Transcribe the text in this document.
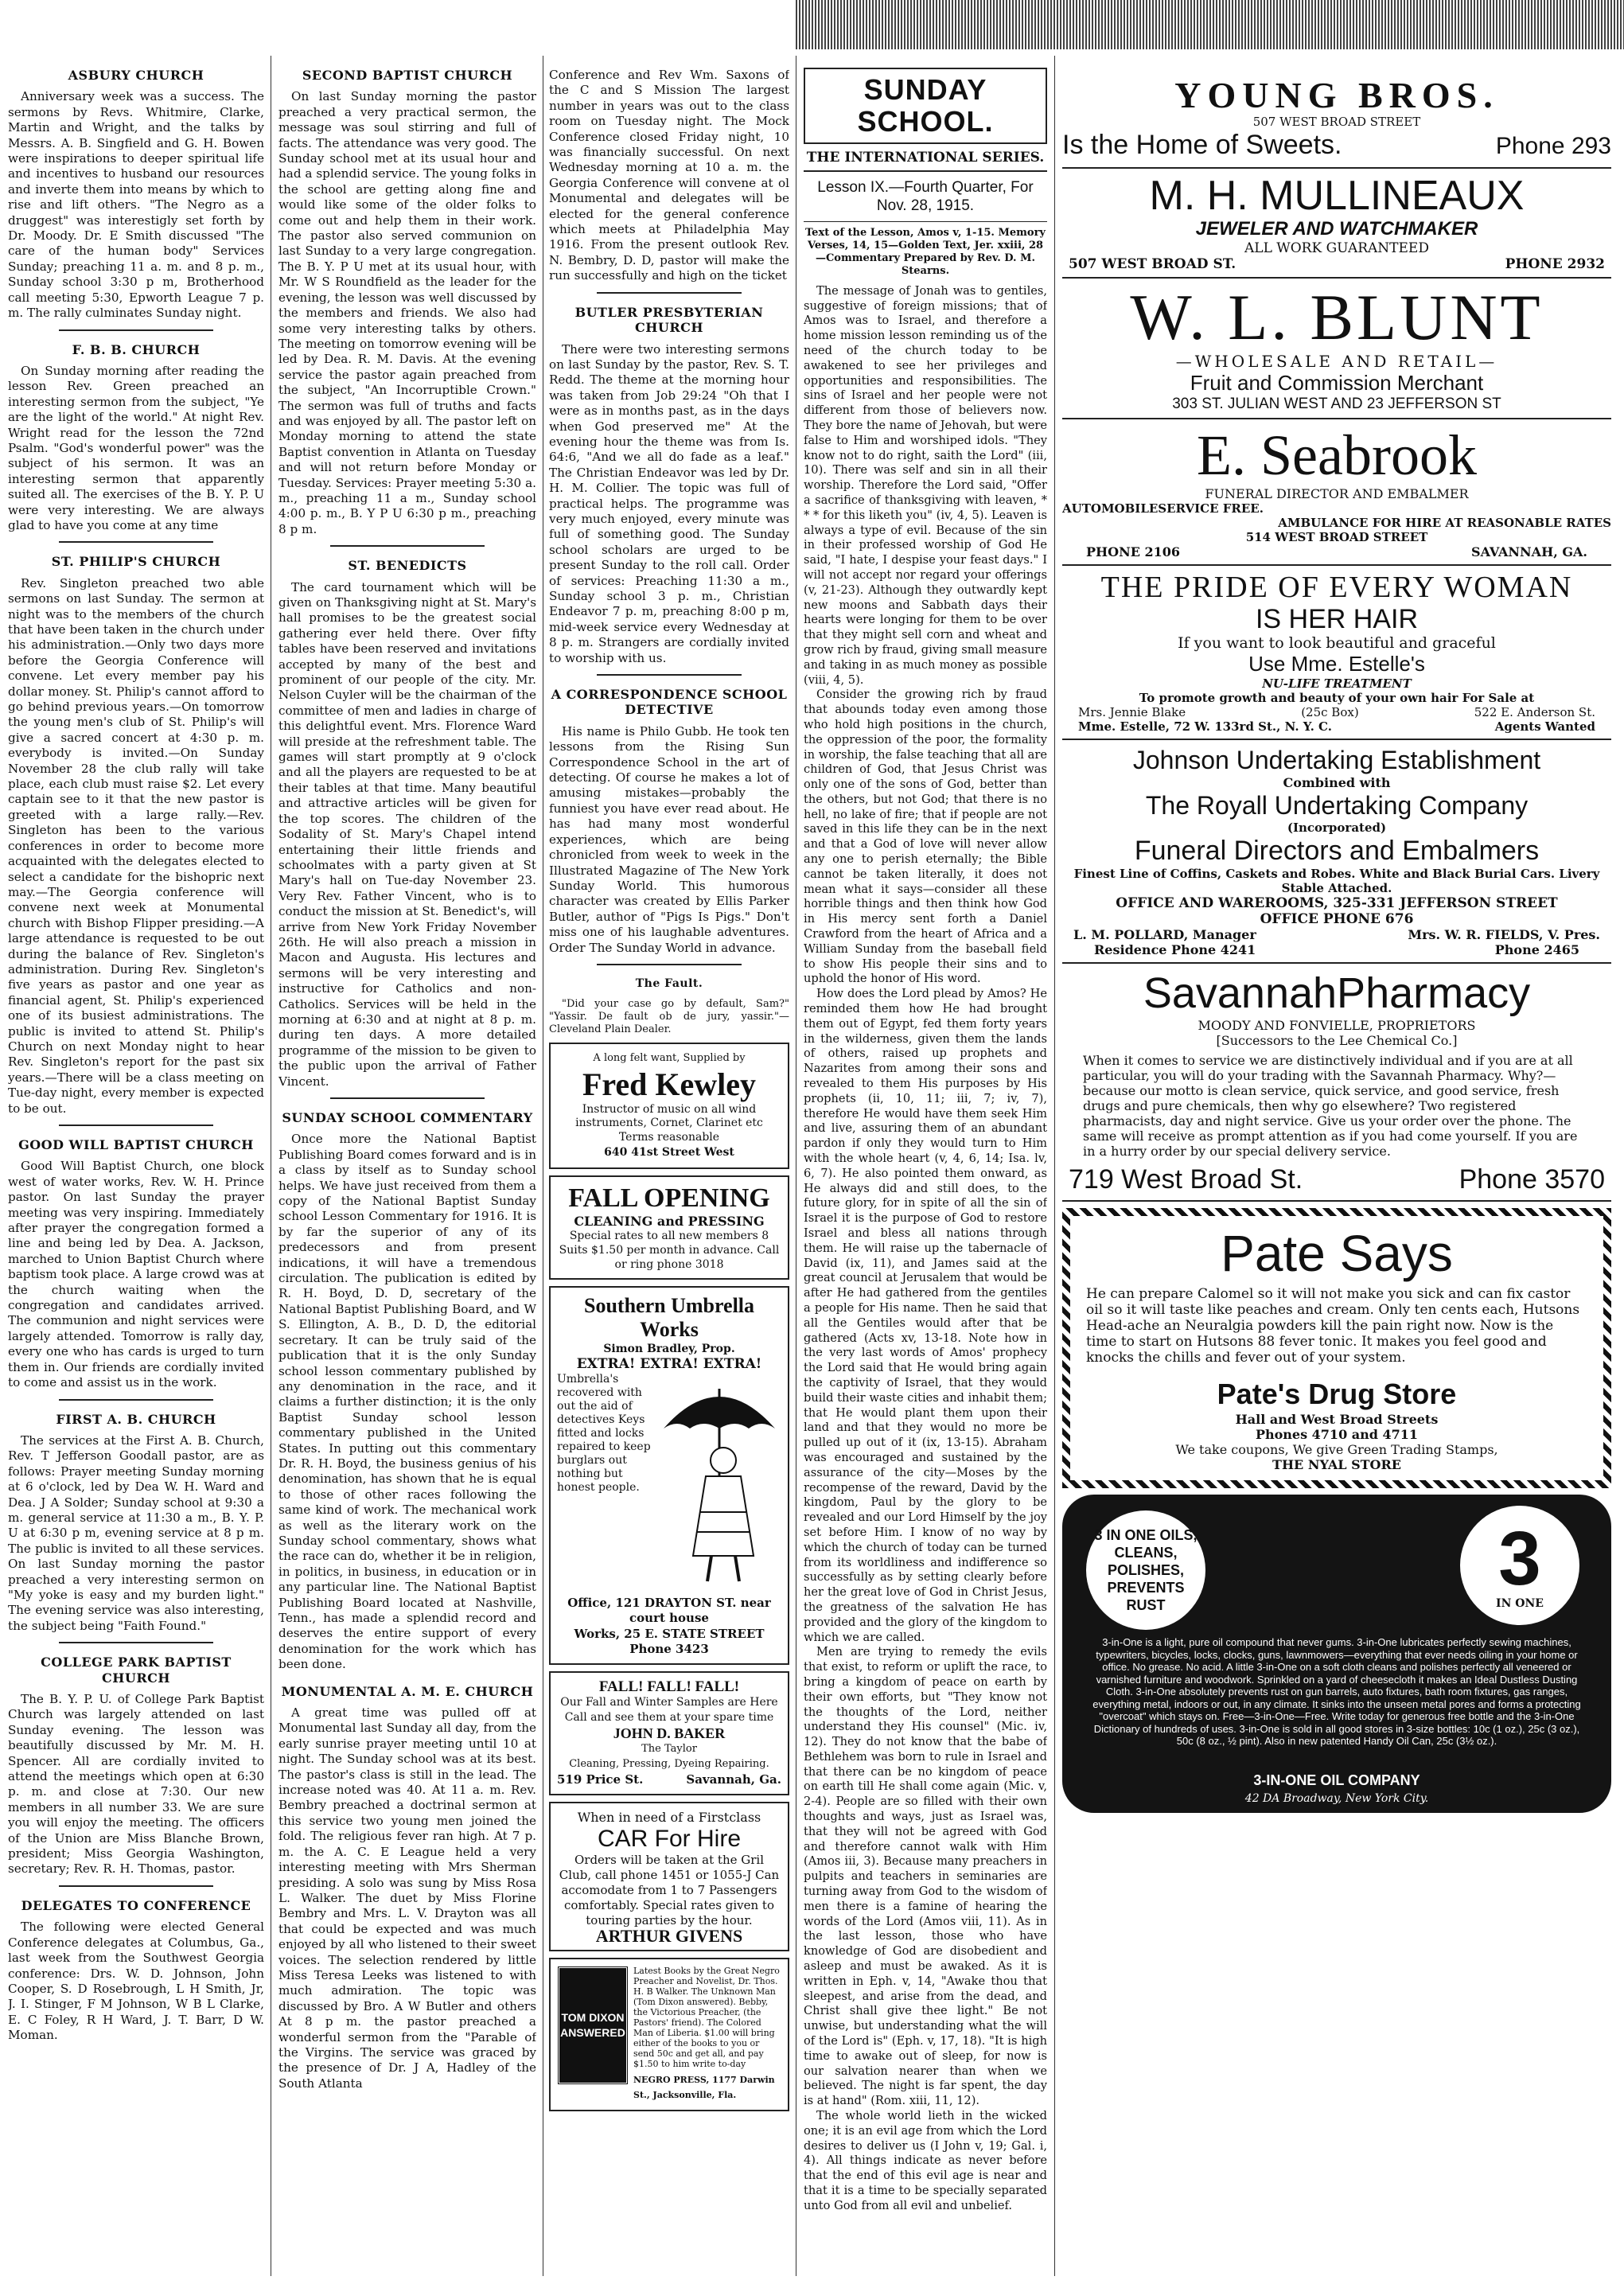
ASBURY CHURCH

Anniversary week was a success. The sermons by Revs. Whitmire, Clarke, Martin and Wright, and the talks by Messrs. A. B. Singfield and G. H. Bowen were inspirations to deeper spiritual life and incentives to husband our resources and inverte them into means by which to rise and lift others. "The Negro as a druggest" was interestigly set forth by Dr. Moody. Dr. E Smith discussed "The care of the human body" Services Sunday; preaching 11 a. m. and 8 p. m., Sunday school 3:30 p m, Brotherhood call meeting 5:30, Epworth League 7 p. m. The rally culminates Sunday night.

F. B. B. CHURCH

On Sunday morning after reading the lesson Rev. Green preached an interesting sermon from the subject, "Ye are the light of the world." At night Rev. Wright read for the lesson the 72nd Psalm. "God's wonderful power" was the subject of his sermon. It was an interesting sermon that apparently suited all. The exercises of the B. Y. P. U were very interesting. We are always glad to have you come at any time

ST. PHILIP'S CHURCH

Rev. Singleton preached two able sermons on last Sunday. The sermon at night was to the members of the church that have been taken in the church under his administration.—Only two days more before the Georgia Conference will convene. Let every member pay his dollar money. St. Philip's cannot afford to go behind previous years.—On tomorrow the young men's club of St. Philip's will give a sacred concert at 4:30 p. m. everybody is invited.—On Sunday November 28 the club rally will take place, each club must raise $2. Let every captain see to it that the new pastor is greeted with a large rally.—Rev. Singleton has been to the various conferences in order to become more acquainted with the delegates elected to select a candidate for the bishopric next may.—The Georgia conference will convene next week at Monumental church with Bishop Flipper presiding.—A large attendance is requested to be out during the balance of Rev. Singleton's administration. During Rev. Singleton's five years as pastor and one year as financial agent, St. Philip's experienced one of its busiest administrations. The public is invited to attend St. Philip's Church on next Monday night to hear Rev. Singleton's report for the past six years.—There will be a class meeting on Tue-day night, every member is expected to be out.

GOOD WILL BAPTIST CHURCH

Good Will Baptist Church, one block west of water works, Rev. W. H. Prince pastor. On last Sunday the prayer meeting was very inspiring. Immediately after prayer the congregation formed a line and being led by Dea. A. Jackson, marched to Union Baptist Church where baptism took place. A large crowd was at the church waiting when the congregation and candidates arrived. The communion and night services were largely attended. Tomorrow is rally day, every one who has cards is urged to turn them in. Our friends are cordially invited to come and assist us in the work.

FIRST A. B. CHURCH

The services at the First A. B. Church, Rev. T Jefferson Goodall pastor, are as follows: Prayer meeting Sunday morning at 6 o'clock, led by Dea W. H. Ward and Dea. J A Solder; Sunday school at 9:30 a m. general service at 11:30 a m., B. Y. P. U at 6:30 p m, evening service at 8 p m. The public is invited to all these services. On last Sunday morning the pastor preached a very interesting sermon on "My yoke is easy and my burden light." The evening service was also interesting, the subject being "Faith Found."

COLLEGE PARK BAPTIST CHURCH

The B. Y. P. U. of College Park Baptist Church was largely attended on last Sunday evening. The lesson was beautifully discussed by Mr. M. H. Spencer. All are cordially invited to attend the meetings which open at 6:30 p. m. and close at 7:30. Our new members in all number 33. We are sure you will enjoy the meeting. The officers of the Union are Miss Blanche Brown, president; Miss Georgia Washington, secretary; Rev. R. H. Thomas, pastor.

DELEGATES TO CONFERENCE

The following were elected General Conference delegates at Columbus, Ga., last week from the Southwest Georgia conference: Drs. W. D. Johnson, John Cooper, S. D Rosebrough, L H Smith, Jr, J. I. Stinger, F M Johnson, W B L Clarke, E. C Foley, R H Ward, J. T. Barr, D W. Moman.

SECOND BAPTIST CHURCH

On last Sunday morning the pastor preached a very practical sermon, the message was soul stirring and full of facts. The attendance was very good. The Sunday school met at its usual hour and had a splendid service. The young folks in the school are getting along fine and would like some of the older folks to come out and help them in their work. The pastor also served communion on last Sunday to a very large congregation. The B. Y. P U met at its usual hour, with Mr. W S Roundfield as the leader for the evening, the lesson was well discussed by the members and friends. We also had some very interesting talks by others. The meeting on tomorrow evening will be led by Dea. R. M. Davis. At the evening service the pastor again preached from the subject, "An Incorruptible Crown." The sermon was full of truths and facts and was enjoyed by all. The pastor left on Monday morning to attend the state Baptist convention in Atlanta on Tuesday and will not return before Monday or Tuesday. Services: Prayer meeting 5:30 a. m., preaching 11 a m., Sunday school 4:00 p. m., B. Y P U 6:30 p m., preaching 8 p m.

ST. BENEDICTS

The card tournament which will be given on Thanksgiving night at St. Mary's hall promises to be the greatest social gathering ever held there. Over fifty tables have been reserved and invitations accepted by many of the best and prominent of our people of the city. Mr. Nelson Cuyler will be the chairman of the committee of men and ladies in charge of this delightful event. Mrs. Florence Ward will preside at the refreshment table. The games will start promptly at 9 o'clock and all the players are requested to be at their tables at that time. Many beautiful and attractive articles will be given for the top scores. The children of the Sodality of St. Mary's Chapel intend entertaining their little friends and schoolmates with a party given at St Mary's hall on Tue-day November 23. Very Rev. Father Vincent, who is to conduct the mission at St. Benedict's, will arrive from New York Friday November 26th. He will also preach a mission in Macon and Augusta. His lectures and sermons will be very interesting and instructive for Catholics and non-Catholics. Services will be held in the morning at 6:30 and at night at 8 p. m. during ten days. A more detailed programme of the mission to be given to the public upon the arrival of Father Vincent.

SUNDAY SCHOOL COMMENTARY

Once more the National Baptist Publishing Board comes forward and is in a class by itself as to Sunday school helps. We have just received from them a copy of the National Baptist Sunday school Lesson Commentary for 1916. It is by far the superior of any of its predecessors and from present indications, it will have a tremendous circulation. The publication is edited by R. H. Boyd, D. D, secretary of the National Baptist Publishing Board, and W S. Ellington, A. B., D. D, the editorial secretary. It can be truly said of the publication that it is the only Sunday school lesson commentary published by any denomination in the race, and it claims a further distinction; it is the only Baptist Sunday school lesson commentary published in the United States. In putting out this commentary Dr. R. H. Boyd, the business genius of his denomination, has shown that he is equal to those of other races following the same kind of work. The mechanical work as well as the literary work on the Sunday school commentary, shows what the race can do, whether it be in religion, in politics, in business, in education or in any particular line. The National Baptist Publishing Board located at Nashville, Tenn., has made a splendid record and deserves the entire support of every denomination for the work which has been done.

MONUMENTAL A. M. E. CHURCH

A great time was pulled off at Monumental last Sunday all day, from the early sunrise prayer meeting until 10 at night. The Sunday school was at its best. The pastor's class is still in the lead. The increase noted was 40. At 11 a. m. Rev. Bembry preached a doctrinal sermon at this service two young men joined the fold. The religious fever ran high. At 7 p. m. the A. C. E League held a very interesting meeting with Mrs Sherman presiding. A solo was sung by Miss Rosa L. Walker. The duet by Miss Florine Bembry and Mrs. L. V. Drayton was all that could be expected and was much enjoyed by all who listened to their sweet voices. The selection rendered by little Miss Teresa Leeks was listened to with much admiration. The topic was discussed by Bro. A W Butler and others At 8 p m. the pastor preached a wonderful sermon from the "Parable of the Virgins. The service was graced by the presence of Dr. J A, Hadley of the South Atlanta

Conference and Rev Wm. Saxons of the C and S Mission The largest number in years was out to the class room on Tuesday night. The Mock Conference closed Friday night, 10 was financially successful. On next Wednesday morning at 10 a. m. the Georgia Conference will convene at ol Monumental and delegates will be elected for the general conference which meets at Philadelphia May 1916. From the present outlook Rev. N. Bembry, D. D, pastor will make the run successfully and high on the ticket

BUTLER PRESBYTERIAN CHURCH

There were two interesting sermons on last Sunday by the pastor, Rev. S. T. Redd. The theme at the morning hour was taken from Job 29:24 "Oh that I were as in months past, as in the days when God preserved me" At the evening hour the theme was from Is. 64:6, "And we all do fade as a leaf." The Christian Endeavor was led by Dr. H. M. Collier. The topic was full of practical helps. The programme was very much enjoyed, every minute was full of something good. The Sunday school scholars are urged to be present Sunday to the roll call. Order of services: Preaching 11:30 a m., Sunday school 3 p. m., Christian Endeavor 7 p. m, preaching 8:00 p m, mid-week service every Wednesday at 8 p. m. Strangers are cordially invited to worship with us.

A CORRESPONDENCE SCHOOL DETECTIVE

His name is Philo Gubb. He took ten lessons from the Rising Sun Correspondence School in the art of detecting. Of course he makes a lot of amusing mistakes—probably the funniest you have ever read about. He has had many most wonderful experiences, which are being chronicled from week to week in the Illustrated Magazine of The New York Sunday World. This humorous character was created by Ellis Parker Butler, author of "Pigs Is Pigs." Don't miss one of his laughable adventures. Order The Sunday World in advance.

The Fault.

"Did your case go by default, Sam?" "Yassir. De fault ob de jury, yassir."—Cleveland Plain Dealer.

A long felt want, Supplied by
Fred Kewley
Instructor of music on all wind instruments, Cornet, Clarinet etc
Terms reasonable
640 41st Street West
FALL OPENING
CLEANING and PRESSING
Special rates to all new members 8 Suits $1.50 per month in advance. Call or ring phone 3018
Southern Umbrella Works
Simon Bradley, Prop.
EXTRA! EXTRA! EXTRA!
Umbrella's recovered with out the aid of detectives Keys fitted and locks repaired to keep burglars out nothing but honest people.
Office, 121 DRAYTON ST. near court house
Works, 25 E. STATE STREET Phone 3423
FALL! FALL! FALL!
Our Fall and Winter Samples are Here Call and see them at your spare time
JOHN D. BAKER
The Taylor
Cleaning, Pressing, Dyeing Repairing.
519 Price St.	Savannah, Ga.
When in need of a Firstclass
CAR For Hire
Orders will be taken at the Gril Club, call phone 1451 or 1055-J Can accomodate from 1 to 7 Passengers comfortably. Special rates given to touring parties by the hour.
ARTHUR GIVENS
TOM DIXON ANSWERED
Latest Books by the Great Negro Preacher and Novelist, Dr. Thos. H. B Walker. The Unknown Man (Tom Dixon answered). Bebby, the Victorious Preacher, (the Pastors' friend). The Colored Man of Liberia. $1.00 will bring either of the books to you or send 50c and get all, and pay $1.50 to him write to-day
NEGRO PRESS, 1177 Darwin St., Jacksonville, Fla.
SUNDAY SCHOOL.
THE INTERNATIONAL SERIES.
Lesson IX.—Fourth Quarter, For Nov. 28, 1915.
Text of the Lesson, Amos v, 1-15. Memory Verses, 14, 15—Golden Text, Jer. xxiii, 28—Commentary Prepared by Rev. D. M. Stearns.

The message of Jonah was to gentiles, suggestive of foreign missions; that of Amos was to Israel, and therefore a home mission lesson reminding us of the need of the church today to be awakened to see her privileges and opportunities and responsibilities. The sins of Israel and her people were not different from those of believers now. They bore the name of Jehovah, but were false to Him and worshiped idols. "They know not to do right, saith the Lord" (iii, 10). There was self and sin in all their worship. Therefore the Lord said, "Offer a sacrifice of thanksgiving with leaven, * * * for this liketh you" (iv, 4, 5). Leaven is always a type of evil. Because of the sin in their professed worship of God He said, "I hate, I despise your feast days." I will not accept nor regard your offerings (v, 21-23). Although they outwardly kept new moons and Sabbath days their hearts were longing for them to be over that they might sell corn and wheat and grow rich by fraud, giving small measure and taking in as much money as possible (viii, 4, 5).

Consider the growing rich by fraud that abounds today even among those who hold high positions in the church, the oppression of the poor, the formality in worship, the false teaching that all are children of God, that Jesus Christ was only one of the sons of God, better than the others, but not God; that there is no hell, no lake of fire; that if people are not saved in this life they can be in the next and that a God of love will never allow any one to perish eternally; the Bible cannot be taken literally, it does not mean what it says—consider all these horrible things and then think how God in His mercy sent forth a Daniel Crawford from the heart of Africa and a William Sunday from the baseball field to show His people their sins and to uphold the honor of His word.

How does the Lord plead by Amos? He reminded them how He had brought them out of Egypt, fed them forty years in the wilderness, given them the lands of others, raised up prophets and Nazarites from among their sons and revealed to them His purposes by His prophets (ii, 10, 11; iii, 7; iv, 7), therefore He would have them seek Him and live, assuring them of an abundant pardon if only they would turn to Him with the whole heart (v, 4, 6, 14; Isa. lv, 6, 7). He also pointed them onward, as He always did and still does, to the future glory, for in spite of all the sin of Israel it is the purpose of God to restore Israel and bless all nations through them. He will raise up the tabernacle of David (ix, 11), and James said at the great council at Jerusalem that would be after He had gathered from the gentiles a people for His name. Then he said that all the Gentiles would after that be gathered (Acts xv, 13-18. Note how in the very last words of Amos' prophecy the Lord said that He would bring again the captivity of Israel, that they would build their waste cities and inhabit them; that He would plant them upon their land and that they would no more be pulled up out of it (ix, 13-15). Abraham was encouraged and sustained by the assurance of the city—Moses by the recompense of the reward, David by the kingdom, Paul by the glory to be revealed and our Lord Himself by the joy set before Him. I know of no way by which the church of today can be turned from its worldliness and indifference so successfully as by setting clearly before her the great love of God in Christ Jesus, the greatness of the salvation He has provided and the glory of the kingdom to which we are called.

Men are trying to remedy the evils that exist, to reform or uplift the race, to bring a kingdom of peace on earth by their own efforts, but "They know not the thoughts of the Lord, neither understand they His counsel" (Mic. iv, 12). They do not know that the babe of Bethlehem was born to rule in Israel and that there can be no kingdom of peace on earth till He shall come again (Mic. v, 2-4). People are so filled with their own thoughts and ways, just as Israel was, that they will not be agreed with God and therefore cannot walk with Him (Amos iii, 3). Because many preachers in pulpits and teachers in seminaries are turning away from God to the wisdom of men there is a famine of hearing the words of the Lord (Amos viii, 11). As in the last lesson, those who have knowledge of God are disobedient and asleep and must be awaked. As it is written in Eph. v, 14, "Awake thou that sleepest, and arise from the dead, and Christ shall give thee light." Be not unwise, but understanding what the will of the Lord is" (Eph. v, 17, 18). "It is high time to awake out of sleep, for now is our salvation nearer than when we believed. The night is far spent, the day is at hand" (Rom. xiii, 11, 12).

The whole world lieth in the wicked one; it is an evil age from which the Lord desires to deliver us (I John v, 19; Gal. i, 4). All things indicate as never before that the end of this evil age is near and that it is a time to be specially separated unto God from all evil and unbelief.

YOUNG BROS.
507 WEST BROAD STREET
Is the Home of Sweets.	Phone 293
M. H. MULLINEAUX
JEWELER AND WATCHMAKER
ALL WORK GUARANTEED
507 WEST BROAD ST.	PHONE 2932
W. L. BLUNT
—WHOLESALE AND RETAIL—
Fruit and Commission Merchant
303 ST. JULIAN WEST AND 23 JEFFERSON ST
E. Seabrook
FUNERAL DIRECTOR AND EMBALMER
AUTOMOBILESERVICE FREE.
AMBULANCE FOR HIRE AT REASONABLE RATES
514 WEST BROAD STREET
PHONE 2106	SAVANNAH, GA.
THE PRIDE OF EVERY WOMAN
IS HER HAIR
If you want to look beautiful and graceful
Use Mme. Estelle's
NU-LIFE TREATMENT
To promote growth and beauty of your own hair For Sale at
Mrs. Jennie Blake	(25c Box)	522 E. Anderson St.
Mme. Estelle, 72 W. 133rd St., N. Y. C.	Agents Wanted
Johnson Undertaking Establishment
Combined with
The Royall Undertaking Company
(Incorporated)
Funeral Directors and Embalmers
Finest Line of Coffins, Caskets and Robes. White and Black Burial Cars. Livery Stable Attached.
OFFICE AND WAREROOMS, 325-331 JEFFERSON STREET
OFFICE PHONE 676
L. M. POLLARD, Manager	Mrs. W. R. FIELDS, V. Pres.
Residence Phone 4241	Phone 2465
SavannahPharmacy
MOODY AND FONVIELLE, PROPRIETORS
[Successors to the Lee Chemical Co.]
When it comes to service we are distinctively individual and if you are at all particular, you will do your trading with the Savannah Pharmacy. Why?—because our motto is clean service, quick service, and good service, fresh drugs and pure chemicals, then why go elsewhere? Two registered pharmacists, day and night service. Give us your order over the phone. The same will receive as prompt attention as if you had come yourself. If you are in a hurry order by our special delivery service.
719 West Broad St.	Phone 3570
Pate Says
He can prepare Calomel so it will not make you sick and can fix castor oil so it will taste like peaches and cream. Only ten cents each, Hutsons Head-ache an Neuralgia powders kill the pain right now. Now is the time to start on Hutsons 88 fever tonic. It makes you feel good and knocks the chills and fever out of your system.
Pate's Drug Store
Hall and West Broad Streets
Phones 4710 and 4711
We take coupons, We give Green Trading Stamps,
THE NYAL STORE
3 IN ONE OILS,
CLEANS, POLISHES,
PREVENTS RUST
3
IN ONE
3-in-One is a light, pure oil compound that never gums. 3-in-One lubricates perfectly sewing machines, typewriters, bicycles, locks, clocks, guns, lawnmowers—everything that ever needs oiling in your home or office. No grease. No acid. A little 3-in-One on a soft cloth cleans and polishes perfectly all veneered or varnished furniture and woodwork. Sprinkled on a yard of cheesecloth it makes an Ideal Dustless Dusting Cloth. 3-in-One absolutely prevents rust on gun barrels, auto fixtures, bath room fixtures, gas ranges, everything metal, indoors or out, in any climate. It sinks into the unseen metal pores and forms a protecting "overcoat" which stays on. Free—3-in-One—Free. Write today for generous free bottle and the 3-in-One Dictionary of hundreds of uses. 3-in-One is sold in all good stores in 3-size bottles: 10c (1 oz.), 25c (3 oz.), 50c (8 oz., ½ pint). Also in new patented Handy Oil Can, 25c (3½ oz.).
3-IN-ONE OIL COMPANY
42 DA Broadway, New York City.
